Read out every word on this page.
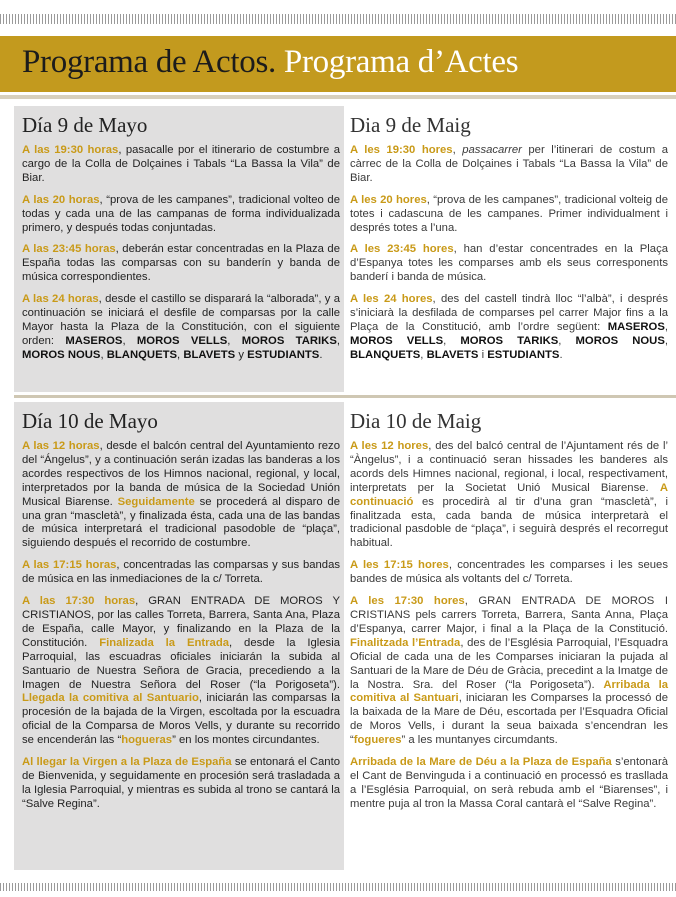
Programa de Actos. Programa d’Actes
Día 9 de Mayo

A las 19:30 horas, pasacalle por el itinerario de costumbre a cargo de la Colla de Dolçaines i Tabals “La Bassa la Vila” de Biar.

A las 20 horas, “prova de les campanes”, tradicional volteo de todas y cada una de las campanas de forma individualizada primero, y después todas conjuntadas.

A las 23:45 horas, deberán estar concentradas en la Plaza de España todas las comparsas con su banderín y banda de música correspondientes.

A las 24 horas, desde el castillo se disparará la “alborada”, y a continuación se iniciará el desfile de comparsas por la calle Mayor hasta la Plaza de la Constitución, con el siguiente orden: MASEROS, MOROS VELLS, MOROS TARIKS, MOROS NOUS, BLANQUETS, BLAVETS y ESTUDIANTS.

Dia 9 de Maig

A les 19:30 hores, passacarrer per l’itinerari de costum a càrrec de la Colla de Dolçaines i Tabals “La Bassa la Vila” de Biar.

A les 20 hores, “prova de les campanes”, tradicional volteig de totes i cadascuna de les campanes. Primer individualment i després totes a l’una.

A les 23:45 hores, han d’estar concentrades en la Plaça d’Espanya totes les comparses amb els seus corresponents banderí i banda de música.

A les 24 hores, des del castell tindrà lloc “l’albà”, i després s’iniciarà la desfilada de comparses pel carrer Major fins a la Plaça de la Constitució, amb l’ordre següent: MASEROS, MOROS VELLS, MOROS TARIKS, MOROS NOUS, BLANQUETS, BLAVETS i ESTUDIANTS.

Día 10 de Mayo

A las 12 horas, desde el balcón central del Ayuntamiento rezo del “Ángelus”, y a continuación serán izadas las banderas a los acordes respectivos de los Himnos nacional, regional, y local, interpretados por la banda de música de la Sociedad Unión Musical Biarense. Seguidamente se procederá al disparo de una gran “mascletà”, y finalizada ésta, cada una de las bandas de música interpretará el tradicional pasodoble de “plaça”, siguiendo después el recorrido de costumbre.

A las 17:15 horas, concentradas las comparsas y sus bandas de música en las inmediaciones de la c/ Torreta.

A las 17:30 horas, GRAN ENTRADA DE MOROS Y CRISTIANOS, por las calles Torreta, Barrera, Santa Ana, Plaza de España, calle Mayor, y finalizando en la Plaza de la Constitución. Finalizada la Entrada, desde la Iglesia Parroquial, las escuadras oficiales iniciarán la subida al Santuario de Nuestra Señora de Gracia, precediendo a la Imagen de Nuestra Señora del Roser (“la Porigoseta”). Llegada la comitiva al Santuario, iniciarán las comparsas la procesión de la bajada de la Virgen, escoltada por la escuadra oficial de la Comparsa de Moros Vells, y durante su recorrido se encenderán las “hogueras” en los montes circundantes.

Al llegar la Virgen a la Plaza de España se entonará el Canto de Bienvenida, y seguidamente en procesión será trasladada a la Iglesia Parroquial, y mientras es subida al trono se cantará la “Salve Regina”.

Dia 10 de Maig

A les 12 hores, des del balcó central de l’Ajuntament rés de l’ “Àngelus”, i a continuació seran hissades les banderes als acords dels Himnes nacional, regional, i local, respectivament, interpretats per la Societat Unió Musical Biarense. A continuació es procedirà al tir d’una gran “mascletà”, i finalitzada esta, cada banda de música interpretarà el tradicional pasdoble de “plaça”, i seguirà després el recorregut habitual.

A les 17:15 hores, concentrades les comparses i les seues bandes de música als voltants del c/ Torreta.

A les 17:30 hores, GRAN ENTRADA DE MOROS I CRISTIANS pels carrers Torreta, Barrera, Santa Anna, Plaça d’Espanya, carrer Major, i final a la Plaça de la Constitució. Finalitzada l’Entrada, des de l’Església Parroquial, l’Esquadra Oficial de cada una de les Comparses iniciaran la pujada al Santuari de la Mare de Déu de Gràcia, precedint a la Imatge de la Nostra. Sra. del Roser (“la Porigoseta”). Arribada la comitiva al Santuari, iniciaran les Comparses la processó de la baixada de la Mare de Déu, escortada per l’Esquadra Oficial de Moros Vells, i durant la seua baixada s’encendran les “fogueres” a les muntanyes circumdants.

Arribada de la Mare de Déu a la Plaza de España s’entonarà el Cant de Benvinguda i a continuació en processó es traslladа a l’Església Parroquial, on serà rebuda amb el “Biarenses”, i mentre puja al tron la Massa Coral cantarà el “Salve Regina”.
